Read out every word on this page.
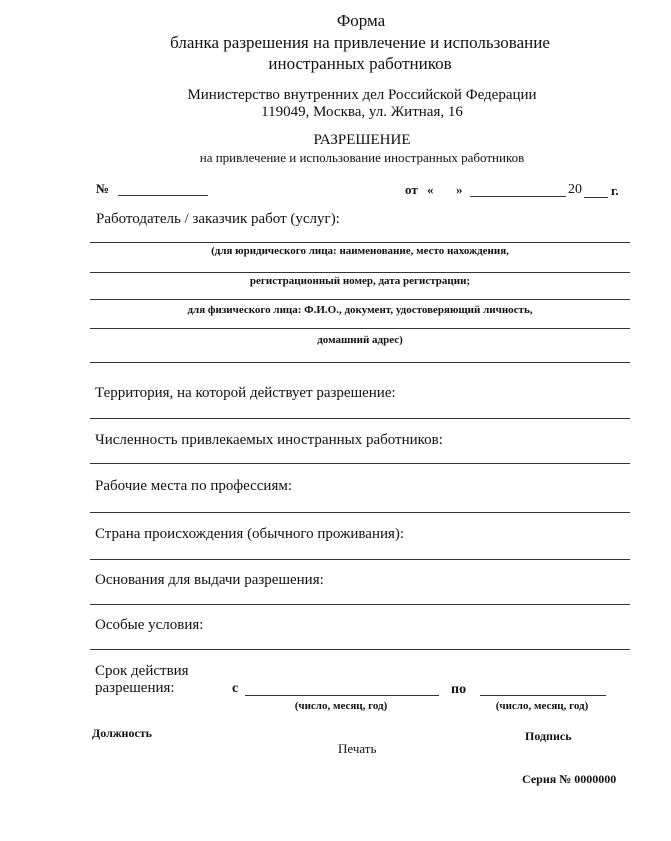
Форма
бланка разрешения на привлечение и использование
иностранных работников
Министерство внутренних дел Российской Федерации
119049, Москва, ул. Житная, 16
РАЗРЕШЕНИЕ
на привлечение и использование иностранных работников
№	от « »	20 г.
Работодатель / заказчик работ (услуг):
(для юридического лица: наименование, место нахождения,
регистрационный номер, дата регистрации;
для физического лица: Ф.И.О., документ, удостоверяющий личность,
домашний адрес)
Территория, на которой действует разрешение:
Численность привлекаемых иностранных работников:
Рабочие места по профессиям:
Страна происхождения (обычного проживания):
Основания для выдачи разрешения:
Особые условия:
Срок действия
разрешения:	с	по
(число, месяц, год)	(число, месяц, год)
Должность	Подпись
Печать
Серия № 0000000
